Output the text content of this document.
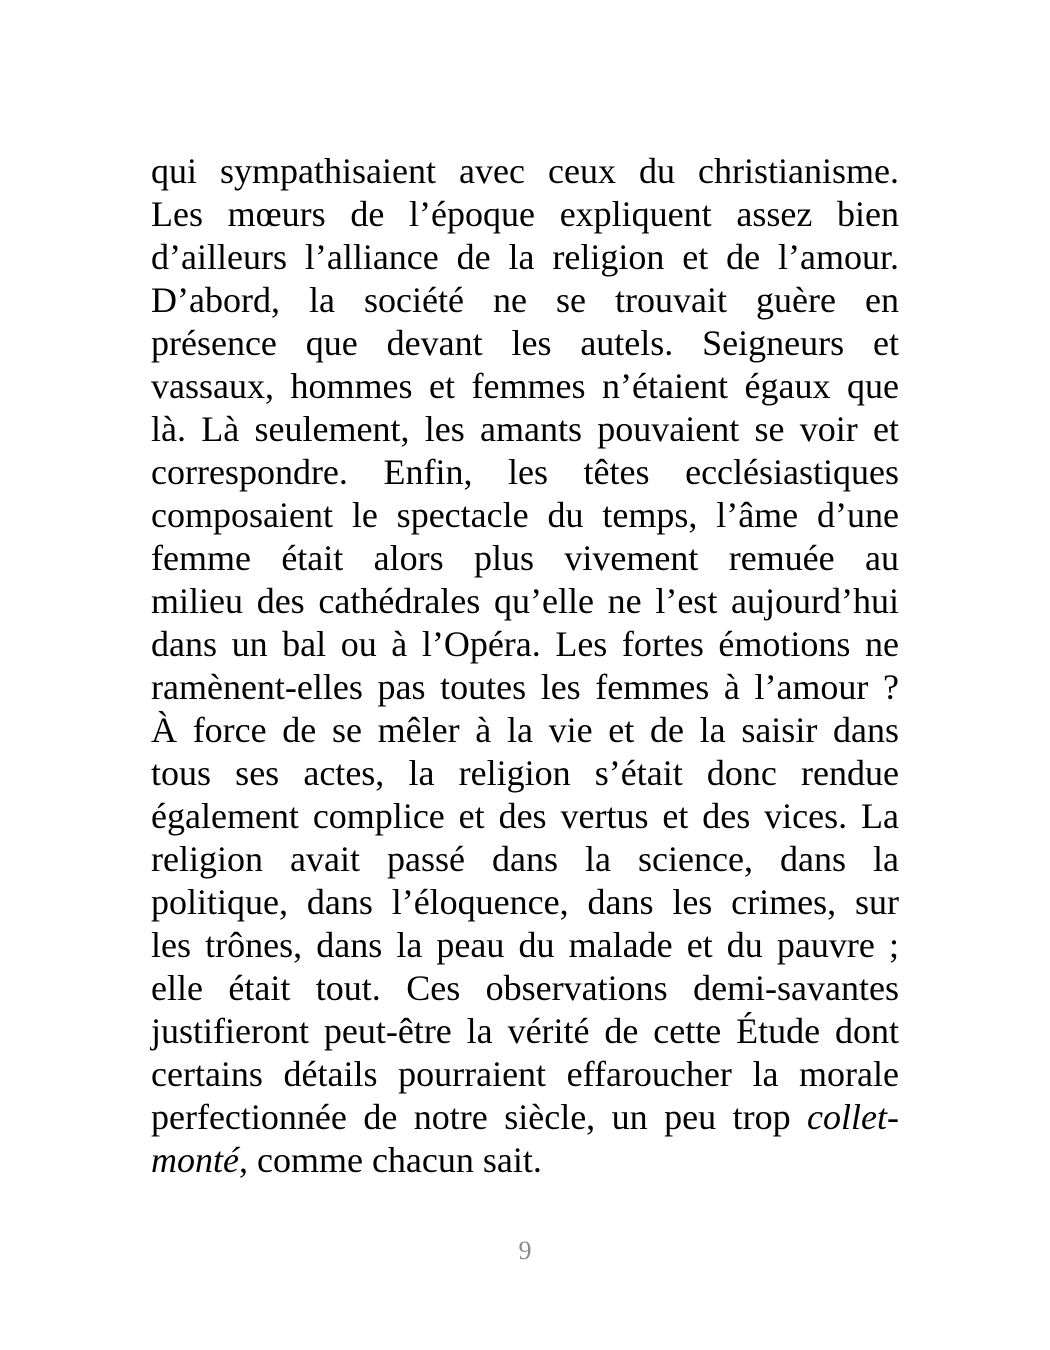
qui sympathisaient avec ceux du christianisme.
Les mœurs de l’époque expliquent assez bien
d’ailleurs l’alliance de la religion et de l’amour.
D’abord, la société ne se trouvait guère en
présence que devant les autels. Seigneurs et
vassaux, hommes et femmes n’étaient égaux que
là. Là seulement, les amants pouvaient se voir et
correspondre. Enfin, les têtes ecclésiastiques
composaient le spectacle du temps, l’âme d’une
femme était alors plus vivement remuée au
milieu des cathédrales qu’elle ne l’est aujourd’hui
dans un bal ou à l’Opéra. Les fortes émotions ne
ramènent-elles pas toutes les femmes à l’amour ?
À force de se mêler à la vie et de la saisir dans
tous ses actes, la religion s’était donc rendue
également complice et des vertus et des vices. La
religion avait passé dans la science, dans la
politique, dans l’éloquence, dans les crimes, sur
les trônes, dans la peau du malade et du pauvre ;
elle était tout. Ces observations demi-savantes
justifieront peut-être la vérité de cette Étude dont
certains détails pourraient effaroucher la morale
perfectionnée de notre siècle, un peu trop collet-
monté, comme chacun sait.
9
